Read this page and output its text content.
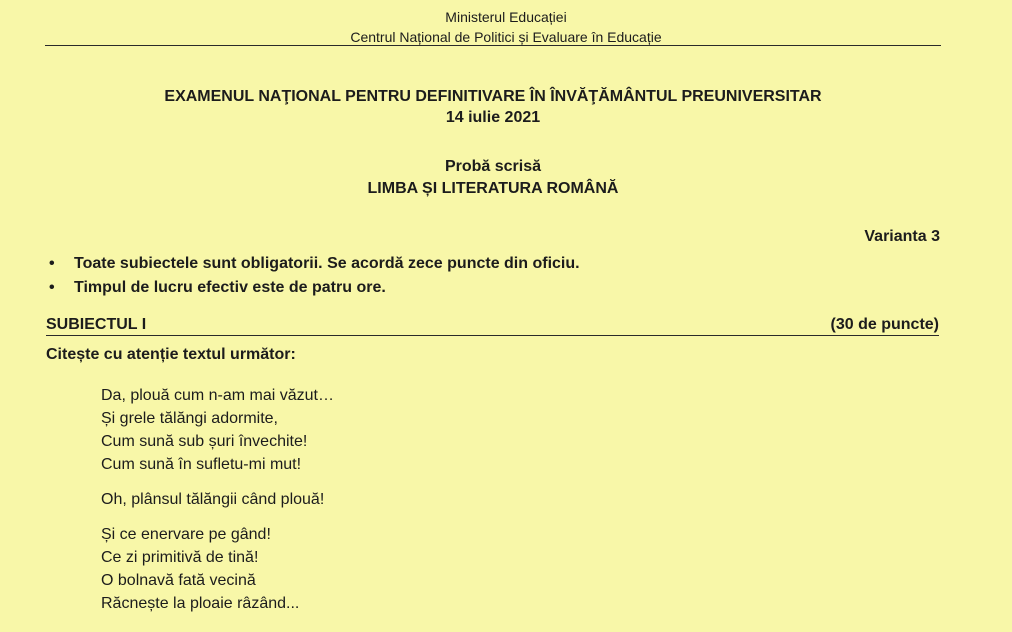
Ministerul Educației
Centrul Național de Politici și Evaluare în Educație
EXAMENUL NAŢIONAL PENTRU DEFINITIVARE ÎN ÎNVĂŢĂMÂNTUL PREUNIVERSITAR
14 iulie 2021
Probă scrisă
LIMBA ȘI LITERATURA ROMÂNĂ
Varianta 3
• Toate subiectele sunt obligatorii. Se acordă zece puncte din oficiu.
• Timpul de lucru efectiv este de patru ore.
SUBIECTUL I	(30 de puncte)
Citește cu atenție textul următor:
Da, plouă cum n-am mai văzut…
Și grele tălăngi adormite,
Cum sună sub șuri învechite!
Cum sună în sufletu-mi mut!
Oh, plânsul tălăngii când plouă!
Și ce enervare pe gând!
Ce zi primitivă de tină!
O bolnavă fată vecină
Răcnește la ploaie râzând...
